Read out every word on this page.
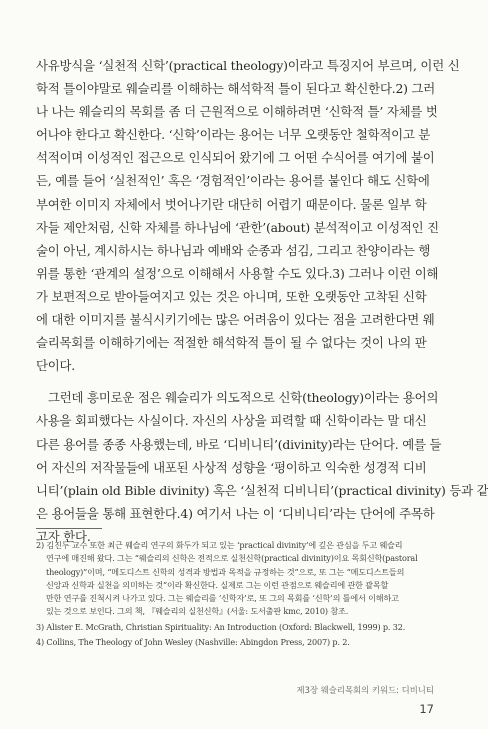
사유방식을 ‘실천적 신학’(practical theology)이라고 특징지어 부르며, 이런 신
학적 틀이야말로 웨슬리를 이해하는 해석학적 틀이 된다고 확신한다.2) 그러
나 나는 웨슬리의 목회를 좀 더 근원적으로 이해하려면 ‘신학적 틀’ 자체를 벗
어나야 한다고 확신한다. ‘신학’이라는 용어는 너무 오랫동안 철학적이고 분
석적이며 이성적인 접근으로 인식되어 왔기에 그 어떤 수식어를 여기에 붙이
든, 예를 들어 ‘실천적인’ 혹은 ‘경험적인’이라는 용어를 붙인다 해도 신학에
부여한 이미지 자체에서 벗어나기란 대단히 어렵기 때문이다. 물론 일부 학
자들 제안처럼, 신학 자체를 하나님에 ‘관한’(about) 분석적이고 이성적인 진
술이 아닌, 계시하시는 하나님과 예배와 순종과 섬김, 그리고 찬양이라는 행
위를 통한 ‘관계의 설정’으로 이해해서 사용할 수도 있다.3) 그러나 이런 이해
가 보편적으로 받아들여지고 있는 것은 아니며, 또한 오랫동안 고착된 신학
에 대한 이미지를 불식시키기에는 많은 어려움이 있다는 점을 고려한다면 웨
슬리목회를 이해하기에는 적절한 해석학적 틀이 될 수 없다는 것이 나의 판
단이다.
그런데 흥미로운 점은 웨슬리가 의도적으로 신학(theology)이라는 용어의
사용을 회피했다는 사실이다. 자신의 사상을 피력할 때 신학이라는 말 대신
다른 용어를 종종 사용했는데, 바로 ‘디비니티’(divinity)라는 단어다. 예를 들
어 자신의 저작물들에 내포된 사상적 성향을 ‘평이하고 익숙한 성경적 디비
니티’(plain old Bible divinity) 혹은 ‘실천적 디비니티’(practical divinity) 등과 같
은 용어들을 통해 표현한다.4) 여기서 나는 이 ‘디비니티’라는 단어에 주목하
고자 한다.
2) 김진두 교수 또한 최근 웨슬리 연구의 화두가 되고 있는 ‘practical divinity’에 깊은 관심을 두고 웨슬리
연구에 매진해 왔다. 그는 “웨슬리의 신학은 전적으로 실천신학(practical divinity)이요 목회신학(pastoral
theology)”이며, “메도디스트 신학의 성격과 방법과 목적을 규정하는 것”으로, 또 그는 “메도디스트들의
신앙과 신학과 실천을 의미하는 것”이라 확신한다. 실제로 그는 이런 관점으로 웨슬리에 관한 괄목할
만한 연구를 진척시켜 나가고 있다. 그는 웨슬리를 ‘신학자’로, 또 그의 목회를 ‘신학’의 틀에서 이해하고
있는 것으로 보인다. 그의 책, 『웨슬리의 실천신학』(서울: 도서출판 kmc, 2010) 참조.
3) Alister E. McGrath, Christian Spirituality: An Introduction (Oxford: Blackwell, 1999) p. 32.
4) Collins, The Theology of John Wesley (Nashville: Abingdon Press, 2007) p. 2.
제3장 웨슬리목회의 키워드: 디비니티
17
